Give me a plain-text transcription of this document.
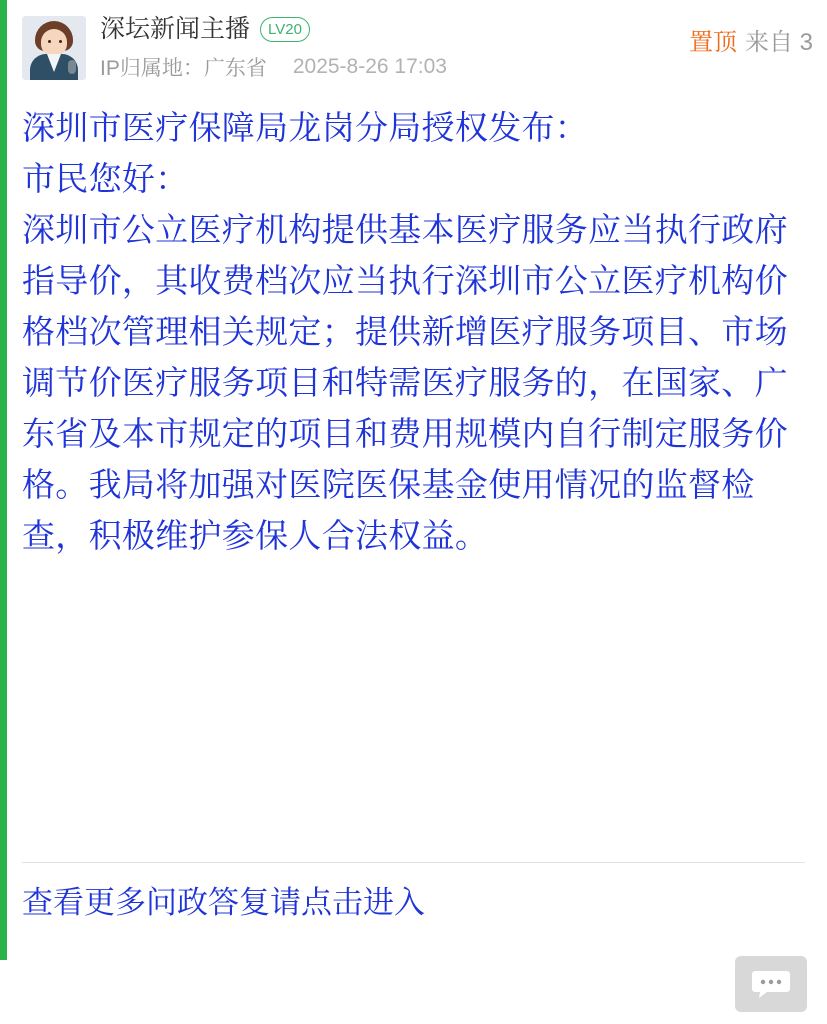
深坛新闻主播	LV20
IP归属地：广东省 2025-8-26 17:03
置顶 来自 3

深圳市医疗保障局龙岗分局授权发布：

市民您好：

深圳市公立医疗机构提供基本医疗服务应当执行政府指导价，其收费档次应当执行深圳市公立医疗机构价格档次管理相关规定；提供新增医疗服务项目、市场调节价医疗服务项目和特需医疗服务的，在国家、广东省及本市规定的项目和费用规模内自行制定服务价格。我局将加强对医院医保基金使用情况的监督检查，积极维护参保人合法权益。

查看更多问政答复请点击进入
